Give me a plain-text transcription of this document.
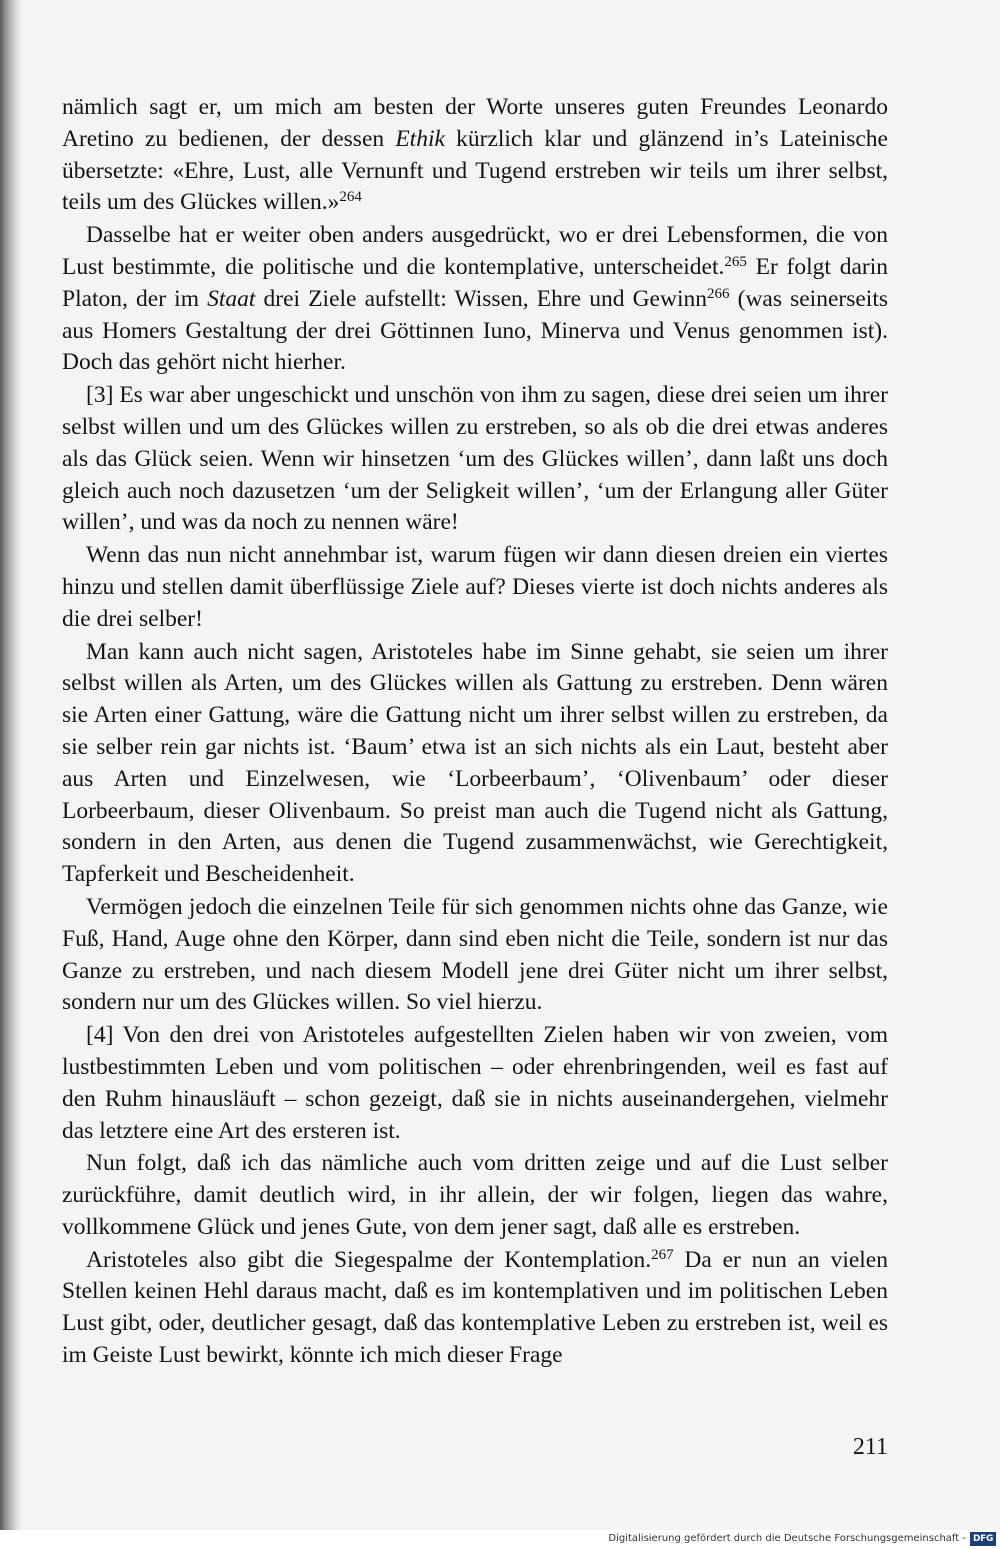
nämlich sagt er, um mich am besten der Worte unseres guten Freundes Leonardo Aretino zu bedienen, der dessen Ethik kürzlich klar und glänzend in’s Lateinische übersetzte: «Ehre, Lust, alle Vernunft und Tugend erstreben wir teils um ihrer selbst, teils um des Glückes willen.»$^{264}$

Dasselbe hat er weiter oben anders ausgedrückt, wo er drei Lebensformen, die von Lust bestimmte, die politische und die kontemplative, unterscheidet.$^{265}$ Er folgt darin Platon, der im Staat drei Ziele aufstellt: Wissen, Ehre und Gewinn$^{266}$ (was seinerseits aus Homers Gestaltung der drei Göttinnen Iuno, Minerva und Venus genommen ist). Doch das gehört nicht hierher.

[3] Es war aber ungeschickt und unschön von ihm zu sagen, diese drei seien um ihrer selbst willen und um des Glückes willen zu erstreben, so als ob die drei etwas anderes als das Glück seien. Wenn wir hinsetzen ‘um des Glückes willen’, dann laßt uns doch gleich auch noch dazusetzen ‘um der Seligkeit willen’, ‘um der Erlangung aller Güter willen’, und was da noch zu nennen wäre!

Wenn das nun nicht annehmbar ist, warum fügen wir dann diesen dreien ein viertes hinzu und stellen damit überflüssige Ziele auf? Dieses vierte ist doch nichts anderes als die drei selber!

Man kann auch nicht sagen, Aristoteles habe im Sinne gehabt, sie seien um ihrer selbst willen als Arten, um des Glückes willen als Gattung zu erstreben. Denn wären sie Arten einer Gattung, wäre die Gattung nicht um ihrer selbst willen zu erstreben, da sie selber rein gar nichts ist. ‘Baum’ etwa ist an sich nichts als ein Laut, besteht aber aus Arten und Einzelwesen, wie ‘Lorbeerbaum’, ‘Olivenbaum’ oder dieser Lorbeerbaum, dieser Olivenbaum. So preist man auch die Tugend nicht als Gattung, sondern in den Arten, aus denen die Tugend zusammenwächst, wie Gerechtigkeit, Tapferkeit und Bescheidenheit.

Vermögen jedoch die einzelnen Teile für sich genommen nichts ohne das Ganze, wie Fuß, Hand, Auge ohne den Körper, dann sind eben nicht die Teile, sondern ist nur das Ganze zu erstreben, und nach diesem Modell jene drei Güter nicht um ihrer selbst, sondern nur um des Glückes willen. So viel hierzu.

[4] Von den drei von Aristoteles aufgestellten Zielen haben wir von zweien, vom lustbestimmten Leben und vom politischen – oder ehrenbringenden, weil es fast auf den Ruhm hinausläuft – schon gezeigt, daß sie in nichts auseinandergehen, vielmehr das letztere eine Art des ersteren ist.

Nun folgt, daß ich das nämliche auch vom dritten zeige und auf die Lust selber zurückführe, damit deutlich wird, in ihr allein, der wir folgen, liegen das wahre, vollkommene Glück und jenes Gute, von dem jener sagt, daß alle es erstreben.

Aristoteles also gibt die Siegespalme der Kontemplation.$^{267}$ Da er nun an vielen Stellen keinen Hehl daraus macht, daß es im kontemplativen und im politischen Leben Lust gibt, oder, deutlicher gesagt, daß das kontemplative Leben zu erstreben ist, weil es im Geiste Lust bewirkt, könnte ich mich dieser Frage

211
Digitalisierung gefördert durch die Deutsche Forschungsgemeinschaft - DFG
